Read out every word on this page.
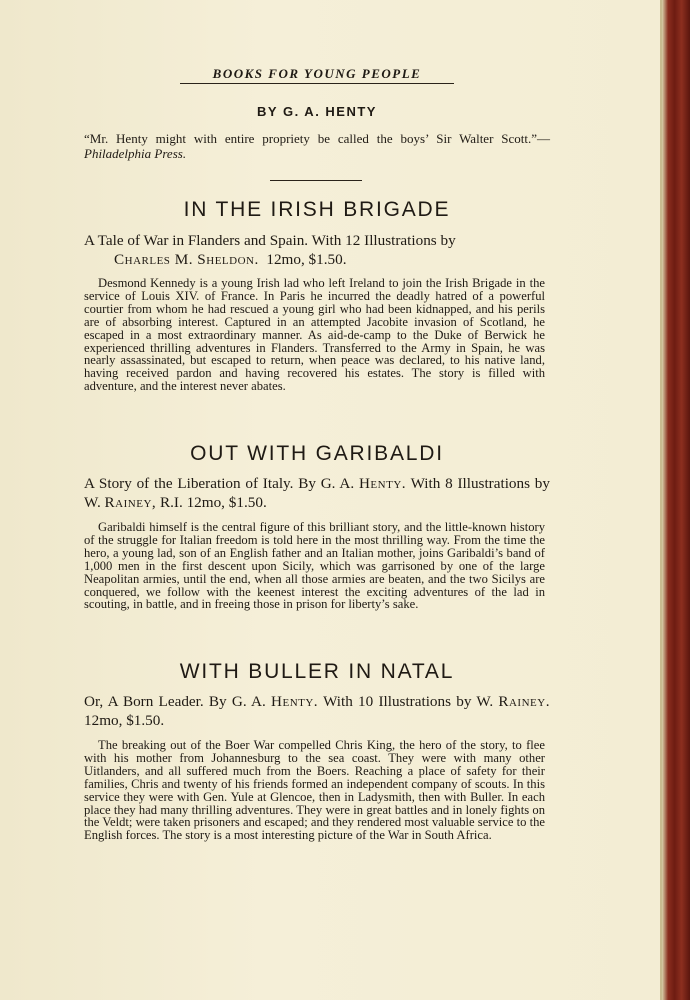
BOOKS FOR YOUNG PEOPLE
BY G. A. HENTY
“Mr. Henty might with entire propriety be called the boys’ Sir Walter Scott.”—Philadelphia Press.
IN THE IRISH BRIGADE
A Tale of War in Flanders and Spain. With 12 Illustrations by
Charles M. Sheldon. 12mo, $1.50.

Desmond Kennedy is a young Irish lad who left Ireland to join the Irish Brigade in the service of Louis XIV. of France. In Paris he incurred the deadly hatred of a powerful courtier from whom he had rescued a young girl who had been kidnapped, and his perils are of absorbing interest. Captured in an attempted Jacobite invasion of Scotland, he escaped in a most extraordinary manner. As aid-de-camp to the Duke of Berwick he experienced thrilling adventures in Flanders. Transferred to the Army in Spain, he was nearly assassinated, but escaped to return, when peace was declared, to his native land, having received pardon and having recovered his estates. The story is filled with adventure, and the interest never abates.

OUT WITH GARIBALDI
A Story of the Liberation of Italy. By G. A. Henty. With 8 Illustrations by W. Rainey, R.I. 12mo, $1.50.

Garibaldi himself is the central figure of this brilliant story, and the little-known history of the struggle for Italian freedom is told here in the most thrilling way. From the time the hero, a young lad, son of an English father and an Italian mother, joins Garibaldi’s band of 1,000 men in the first descent upon Sicily, which was garrisoned by one of the large Neapolitan armies, until the end, when all those armies are beaten, and the two Sicilys are conquered, we follow with the keenest interest the exciting adventures of the lad in scouting, in battle, and in freeing those in prison for liberty’s sake.

WITH BULLER IN NATAL
Or, A Born Leader. By G. A. Henty. With 10 Illustrations by W. Rainey. 12mo, $1.50.

The breaking out of the Boer War compelled Chris King, the hero of the story, to flee with his mother from Johannesburg to the sea coast. They were with many other Uitlanders, and all suffered much from the Boers. Reaching a place of safety for their families, Chris and twenty of his friends formed an independent company of scouts. In this service they were with Gen. Yule at Glencoe, then in Ladysmith, then with Buller. In each place they had many thrilling adventures. They were in great battles and in lonely fights on the Veldt; were taken prisoners and escaped; and they rendered most valuable service to the English forces. The story is a most interesting picture of the War in South Africa.
